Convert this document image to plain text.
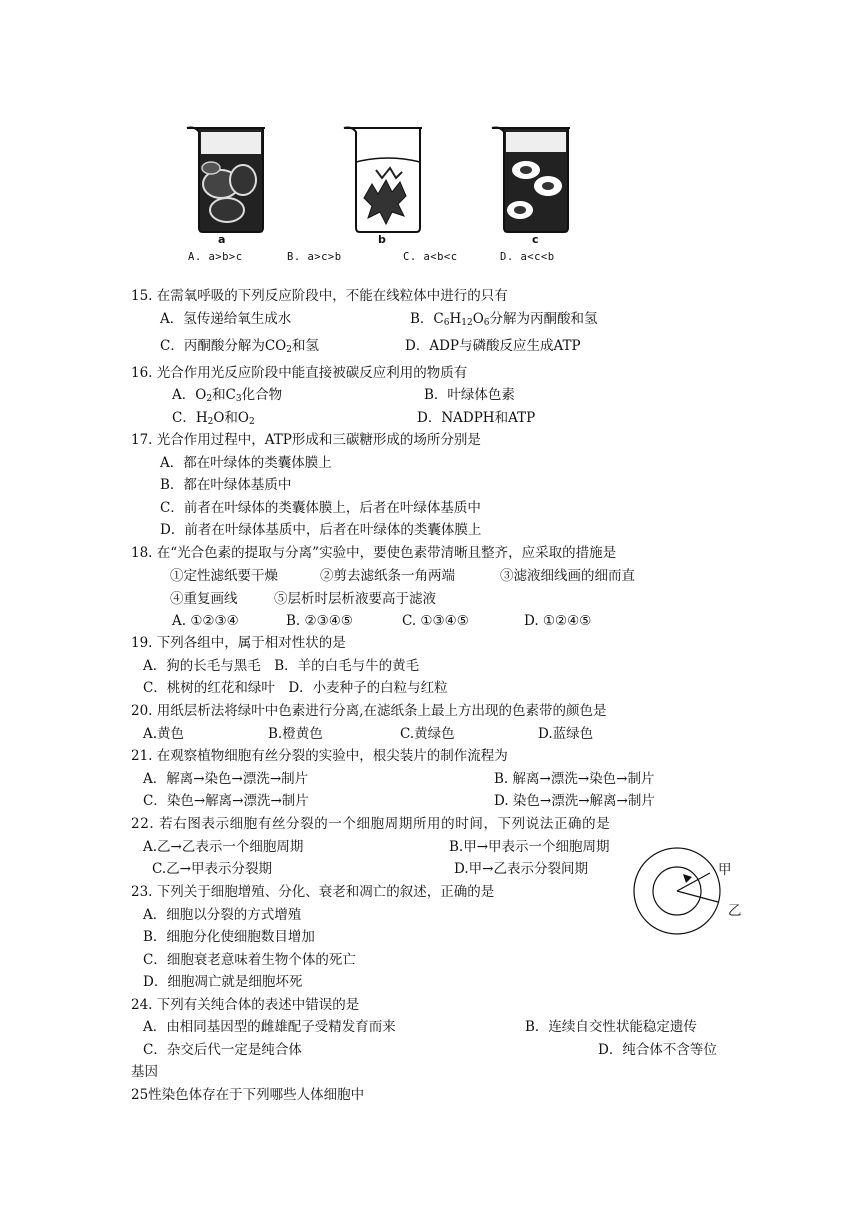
a	b	c
A. a>b>c	B. a>c>b	C. a<b<c	D. a<c<b
15. 在需氧呼吸的下列反应阶段中，不能在线粒体中进行的只有
A．氢传递给氧生成水	B．$C_6H_{12}O_6$分解为丙酮酸和氢
C．丙酮酸分解为$CO_2$和氢	D．ADP与磷酸反应生成ATP
16. 光合作用光反应阶段中能直接被碳反应利用的物质有
A．$O_2$和$C_3$化合物	B．叶绿体色素
C．$H_2O$和$O_2$	D．NADPH和ATP
17. 光合作用过程中，ATP形成和三碳糖形成的场所分别是
A．都在叶绿体的类囊体膜上
B．都在叶绿体基质中
C．前者在叶绿体的类囊体膜上，后者在叶绿体基质中
D．前者在叶绿体基质中，后者在叶绿体的类囊体膜上
18. 在“光合色素的提取与分离”实验中，要使色素带清晰且整齐，应采取的措施是
①定性滤纸要干燥	②剪去滤纸条一角两端	③滤液细线画的细而直
④重复画线	⑤层析时层析液要高于滤液
A. ①②③④	B. ②③④⑤	C. ①③④⑤	D. ①②④⑤
19. 下列各组中，属于相对性状的是
A．狗的长毛与黑毛　B．羊的白毛与牛的黄毛
C．桃树的红花和绿叶　D．小麦种子的白粒与红粒
20. 用纸层析法将绿叶中色素进行分离,在滤纸条上最上方出现的色素带的颜色是
A.黄色	B.橙黄色	C.黄绿色	D.蓝绿色
21. 在观察植物细胞有丝分裂的实验中，根尖装片的制作流程为
A．解离→染色→漂洗→制片	B. 解离→漂洗→染色→制片
C．染色→解离→漂洗→制片	D. 染色→漂洗→解离→制片
22. 若右图表示细胞有丝分裂的一个细胞周期所用的时间，下列说法正确的是
A.乙→乙表示一个细胞周期	B.甲→甲表示一个细胞周期
C.乙→甲表示分裂期	D.甲→乙表示分裂间期	甲
乙
23. 下列关于细胞增殖、分化、衰老和凋亡的叙述，正确的是
A．细胞以分裂的方式增殖
B．细胞分化使细胞数目增加
C．细胞衰老意味着生物个体的死亡
D．细胞凋亡就是细胞坏死
24. 下列有关纯合体的表述中错误的是
A．由相同基因型的雌雄配子受精发育而来	B．连续自交性状能稳定遗传
C．杂交后代一定是纯合体	D．纯合体不含等位
基因
25性染色体存在于下列哪些人体细胞中
